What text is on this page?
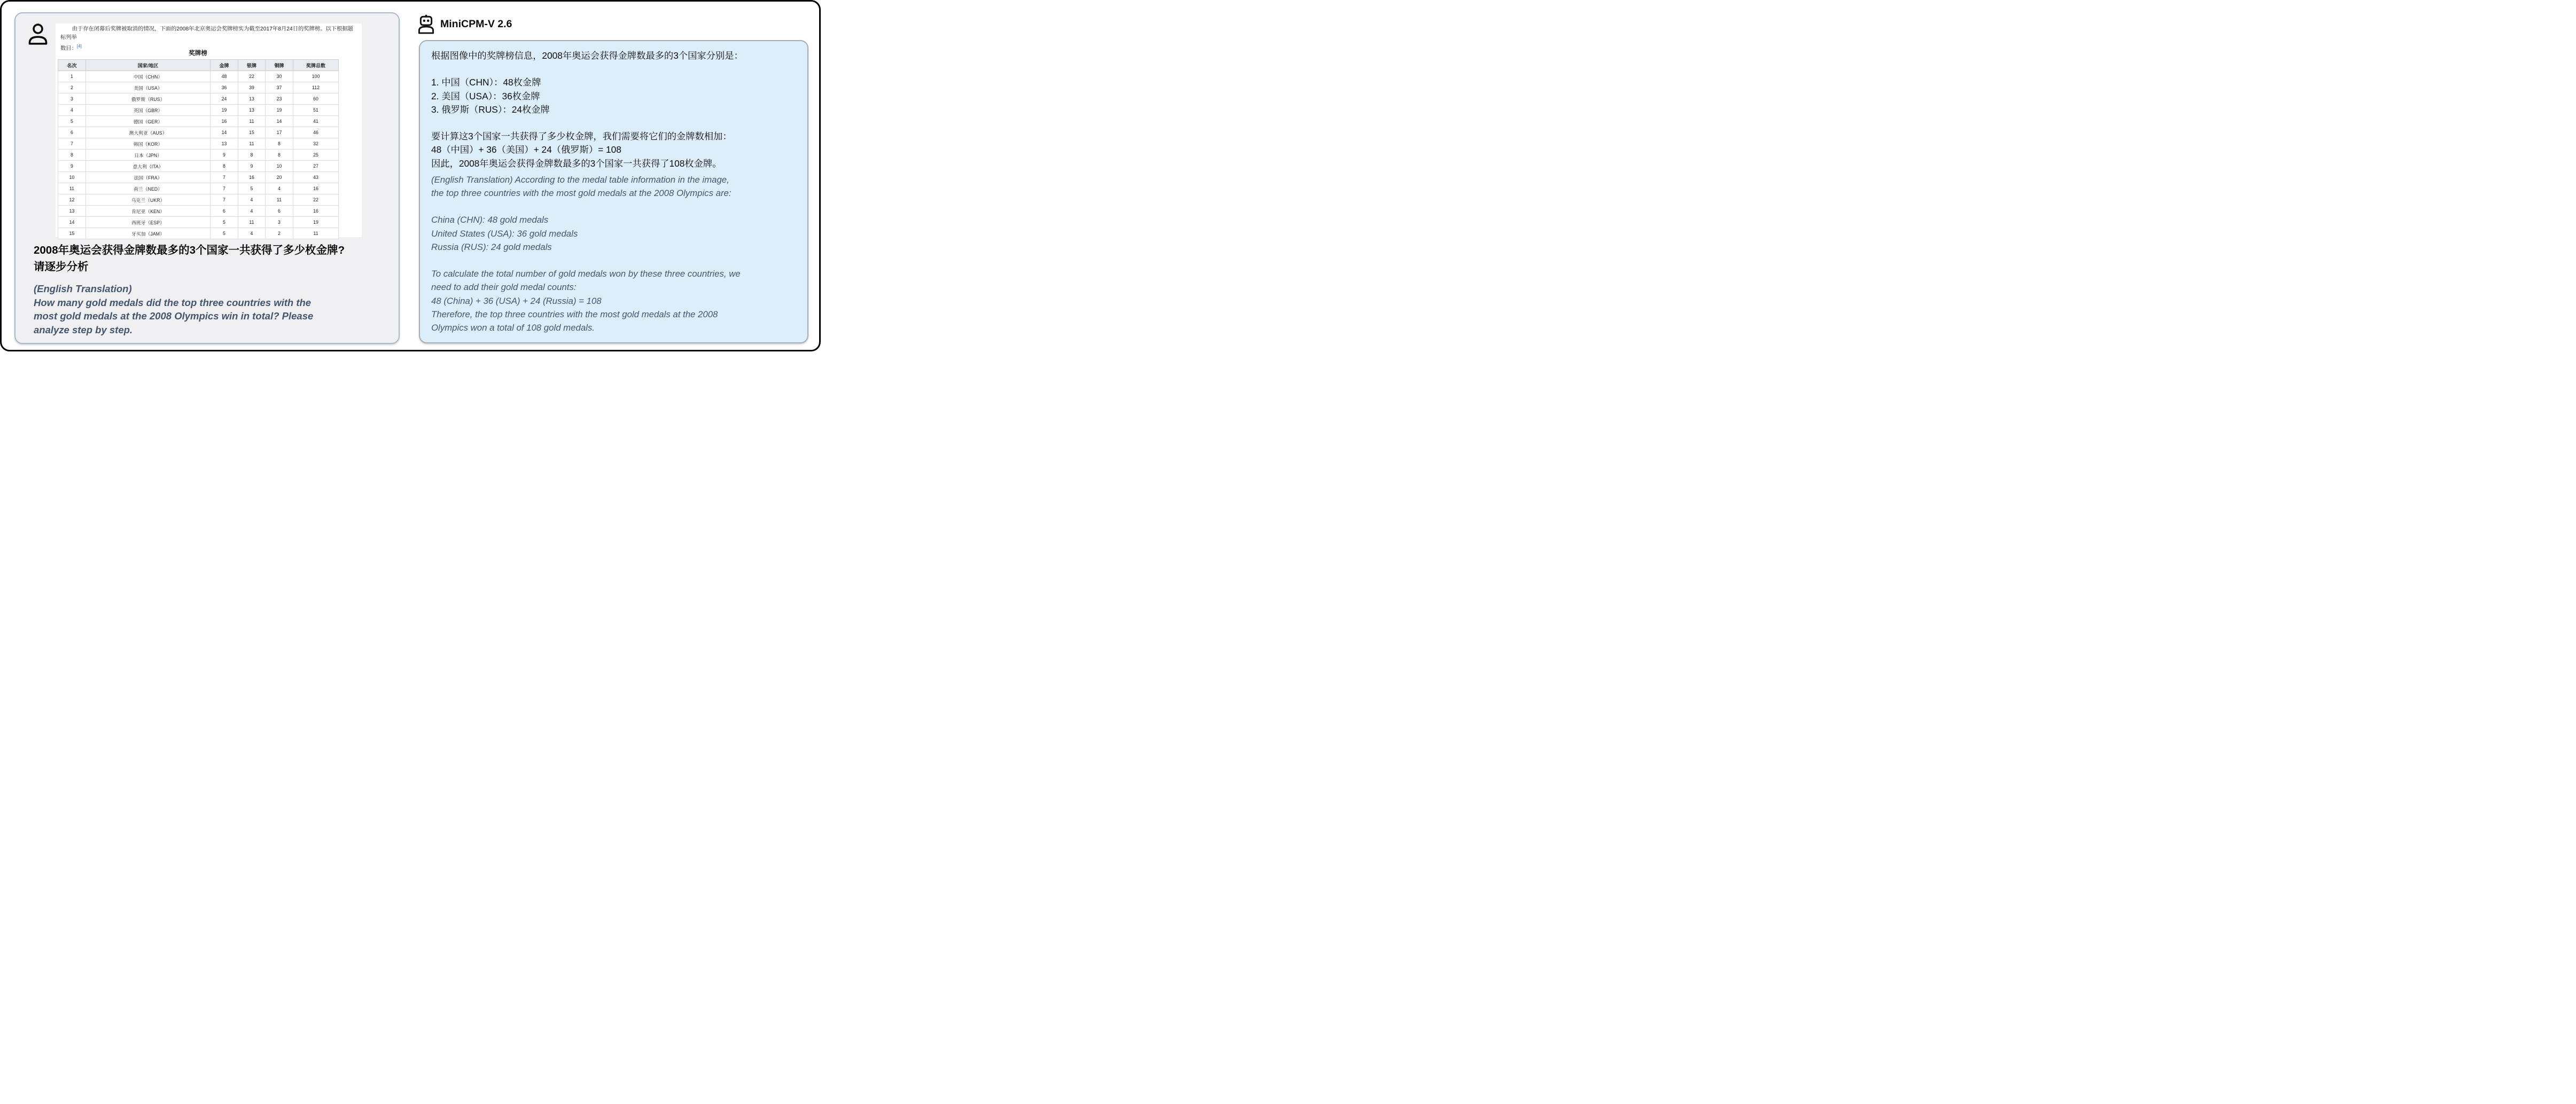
由于存在闭幕后奖牌被取消的情况，下面的2008年北京奥运会奖牌榜实为截至2017年8月24日的奖牌榜。以下根据题标列举
数目：[4]

奖牌榜
名次	国家/地区	金牌	银牌	铜牌	奖牌总数
1	中国（CHN）	48	22	30	100
2	美国（USA）	36	39	37	112
3	俄罗斯（RUS）	24	13	23	60
4	英国（GBR）	19	13	19	51
5	德国（GER）	16	11	14	41
6	澳大利亚（AUS）	14	15	17	46
7	韩国（KOR）	13	11	8	32
8	日本（JPN）	9	8	8	25
9	意大利（ITA）	8	9	10	27
10	法国（FRA）	7	16	20	43
11	荷兰（NED）	7	5	4	16
12	乌克兰（UKR）	7	4	11	22
13	肯尼亚（KEN）	6	4	6	16
14	西班牙（ESP）	5	11	3	19
15	牙买加（JAM）	5	4	2	11
2008年奥运会获得金牌数最多的3个国家一共获得了多少枚金牌?
请逐步分析
(English Translation)
How many gold medals did the top three countries with the
most gold medals at the 2008 Olympics win in total? Please
analyze step by step.
MiniCPM-V 2.6
根据图像中的奖牌榜信息，2008年奥运会获得金牌数最多的3个国家分别是：

1. 中国（CHN）：48枚金牌
2. 美国（USA）：36枚金牌
3. 俄罗斯（RUS）：24枚金牌

要计算这3个国家一共获得了多少枚金牌，我们需要将它们的金牌数相加：
48（中国）+ 36（美国）+ 24（俄罗斯）= 108
因此，2008年奥运会获得金牌数最多的3个国家一共获得了108枚金牌。
(English Translation) According to the medal table information in the image,
the top three countries with the most gold medals at the 2008 Olympics are:

China (CHN): 48 gold medals
United States (USA): 36 gold medals
Russia (RUS): 24 gold medals

To calculate the total number of gold medals won by these three countries, we
need to add their gold medal counts:
48 (China) + 36 (USA) + 24 (Russia) = 108
Therefore, the top three countries with the most gold medals at the 2008
Olympics won a total of 108 gold medals.
